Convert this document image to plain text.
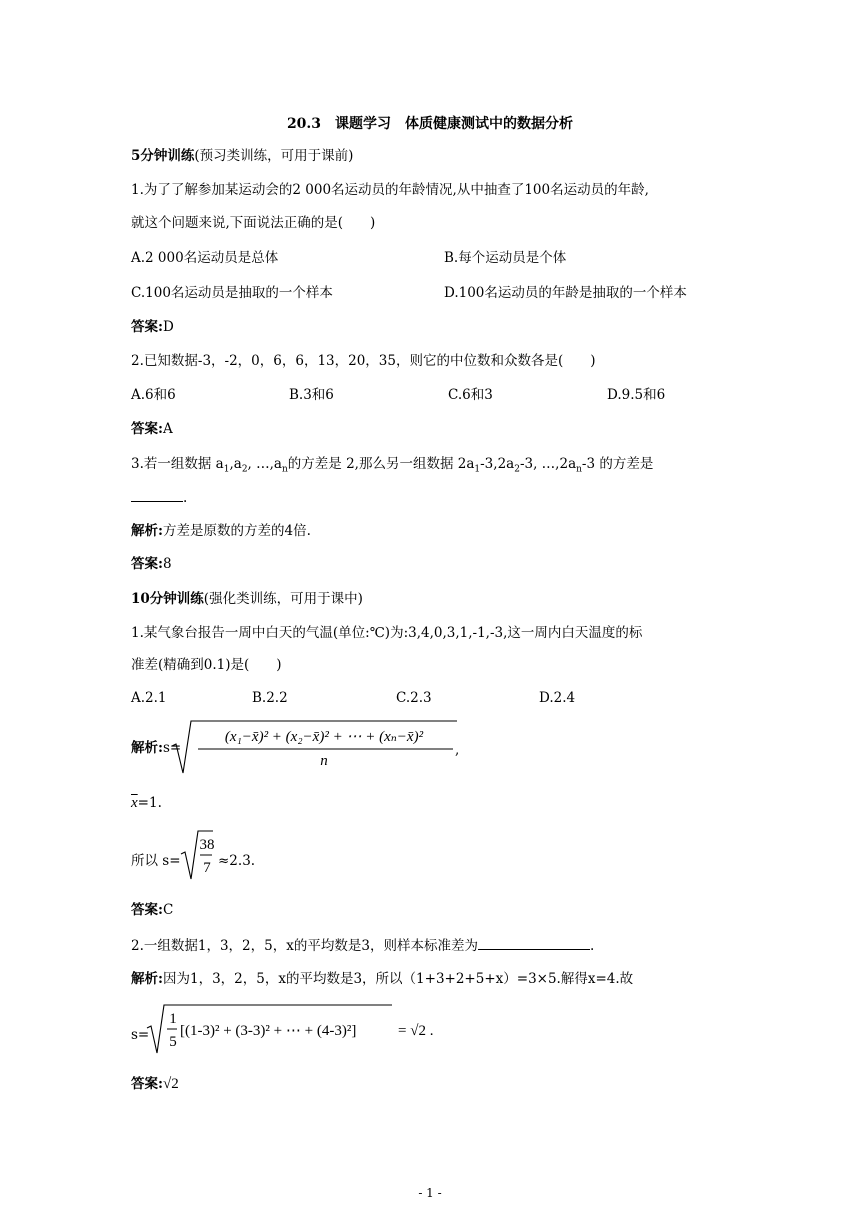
20.3　课题学习　体质健康测试中的数据分析
5分钟训练(预习类训练，可用于课前)
1.为了了解参加某运动会的2 000名运动员的年龄情况,从中抽查了100名运动员的年龄,
就这个问题来说,下面说法正确的是(　　)
A.2 000名运动员是总体	B.每个运动员是个体
C.100名运动员是抽取的一个样本	D.100名运动员的年龄是抽取的一个样本
答案:D
2.已知数据-3，-2，0，6，6，13，20，35，则它的中位数和众数各是(　　)
A.6和6	B.3和6	C.6和3	D.9.5和6
答案:A
3.若一组数据 $a_1,a_2$, $\dots,a_n$的方差是 2,那么另一组数据 $2a_1-3,2a_2-3$, $\dots,2a_n-3$ 的方差是
.
解析:方差是原数的方差的4倍.
答案:8
10分钟训练(强化类训练，可用于课中)
1.某气象台报告一周中白天的气温(单位:℃)为:3,4,0,3,1,-1,-3,这一周内白天温度的标
准差(精确到0.1)是(　　)
A.2.1	B.2.2	C.2.3	D.2.4
解析:s=
(x₁−x̄)² + (x₂−x̄)² + ⋯ + (xₙ−x̄)²
n
,
$\overline{x}=1$.
所以 s=
38
7 ≈2.3.
答案:C
2.一组数据1，3，2，5，x的平均数是3，则样本标准差为	.
解析:因为1，3，2，5，x的平均数是3，所以（1+3+2+5+x）=3×5.解得x=4.故
s=
1
5
[(1-3)² + (3-3)² + ⋯ + (4-3)²]	= √2 .
答案:√2
- 1 -
